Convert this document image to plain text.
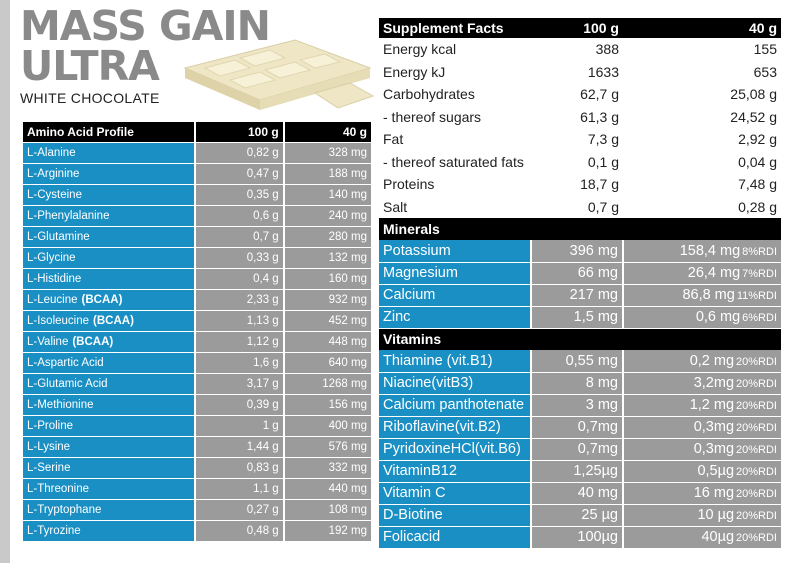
MASS GAIN
ULTRA
WHITE CHOCOLATE
Amino Acid Profile	100 g	40 g
L-Alanine	0,82 g	328 mg
L-Arginine	0,47 g	188 mg
L-Cysteine	0,35 g	140 mg
L-Phenylalanine	0,6 g	240 mg
L-Glutamine	0,7 g	280 mg
L-Glycine	0,33 g	132 mg
L-Histidine	0,4 g	160 mg
L-Leucine (BCAA)	2,33 g	932 mg
L-Isoleucine (BCAA)	1,13 g	452 mg
L-Valine (BCAA)	1,12 g	448 mg
L-Aspartic Acid	1,6 g	640 mg
L-Glutamic Acid	3,17 g	1268 mg
L-Methionine	0,39 g	156 mg
L-Proline	1 g	400 mg
L-Lysine	1,44 g	576 mg
L-Serine	0,83 g	332 mg
L-Threonine	1,1 g	440 mg
L-Tryptophane	0,27 g	108 mg
L-Tyrozine	0,48 g	192 mg
Supplement Facts	100 g	40 g
Energy kcal	388	155
Energy kJ	1633	653
Carbohydrates	62,7 g	25,08 g
- thereof sugars	61,3 g	24,52 g
Fat	7,3 g	2,92 g
- thereof saturated fats	0,1 g	0,04 g
Proteins	18,7 g	7,48 g
Salt	0,7 g	0,28 g
Minerals		
Potassium	396 mg	158,4 mg 8%RDI
Magnesium	66 mg	26,4 mg 7%RDI
Calcium	217 mg	86,8 mg 11%RDI
Zinc	1,5 mg	0,6 mg 6%RDI
Vitamins		
Thiamine (vit.B1)	0,55 mg	0,2 mg 20%RDI
Niacine(vitB3)	8 mg	3,2mg 20%RDI
Calcium panthotenate	3 mg	1,2 mg 20%RDI
Riboflavine(vit.B2)	0,7mg	0,3mg 20%RDI
PyridoxineHCl(vit.B6)	0,7mg	0,3mg 20%RDI
VitaminB12	1,25µg	0,5µg 20%RDI
Vitamin C	40 mg	16 mg 20%RDI
D-Biotine	25 µg	10 µg 20%RDI
Folicacid	100µg	40µg 20%RDI
